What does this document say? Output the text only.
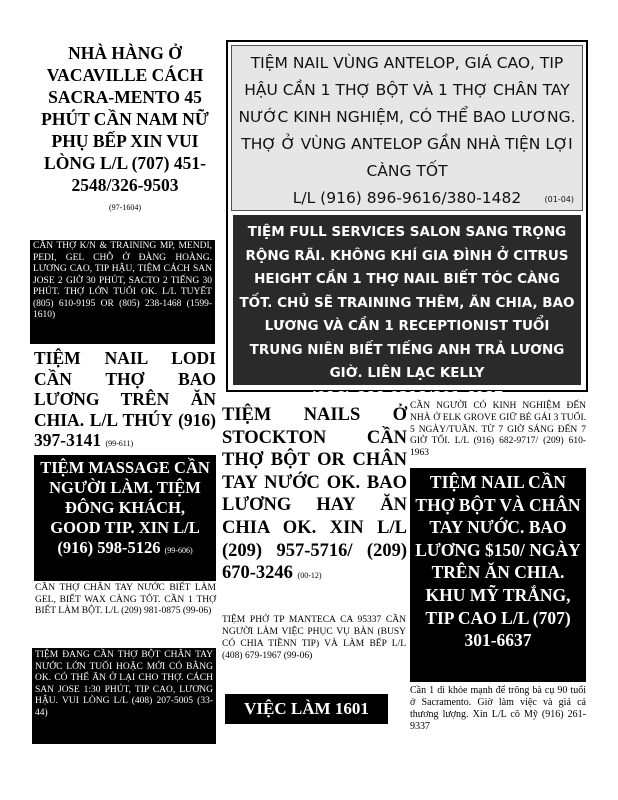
NHÀ HÀNG Ở VACAVILLE CÁCH SACRA-MENTO 45 PHÚT CẦN NAM NỮ PHỤ BẾP XIN VUI LÒNG L/L (707) 451-2548/326-9503
(97-1604)
CẦN THỢ K/N & TRAINING MP, MENDI, PEDI, GEL CHỖ Ở ĐÀNG HOÀNG. LƯƠNG CAO, TIP HẬU, TIỆM CÁCH SAN JOSE 2 GIỜ 30 PHÚT, SACTO 2 TIẾNG 30 PHÚT. THỢ LỚN TUỔI OK. L/L TUYẾT (805) 610-9195 OR (805) 238-1468 (1599-1610)
TIỆM NAIL LODI CẦN THỢ BAO LƯƠNG TRÊN ĂN CHIA. L/L THÚY (916) 397-3141 (99-611)
TIỆM MASSAGE CẦN NGƯỜI LÀM. TIỆM ĐÔNG KHÁCH, GOOD TIP. XIN L/L (916) 598-5126 (99-606)
CẦN THỢ CHÂN TAY NƯỚC BIẾT LÀM GEL, BIẾT WAX CÀNG TỐT. CẦN 1 THỢ BIẾT LÀM BỘT. L/L (209) 981-0875 (99-06)
TIỆM ĐANG CẦN THỢ BỘT CHÂN TAY NƯỚC LỚN TUỔI HOẶC MỚI CÓ BẰNG OK. CÓ THỂ ĂN Ở LẠI CHO THỢ. CÁCH SAN JOSE 1:30 PHÚT, TIP CAO, LƯƠNG HẬU. VUI LÒNG L/L (408) 207-5005 (33-44)
TIỆM NAIL VÙNG ANTELOP, GIÁ CAO, TIP HẬU CẦN 1 THỢ BỘT VÀ 1 THỢ CHÂN TAY NƯỚC KINH NGHIỆM, CÓ THỂ BAO LƯƠNG. THỢ Ở VÙNG ANTELOP GẦN NHÀ TIỆN LỢI CÀNG TỐT
L/L (916) 896-9616/380-1482	(01-04)
TIỆM FULL SERVICES SALON SANG TRỌNG RỘNG RÃI. KHÔNG KHÍ GIA ĐÌNH Ở CITRUS HEIGHT CẦN 1 THỢ NAIL BIẾT TÓC CÀNG TỐT. CHỦ SẼ TRAINING THÊM, ĂN CHIA, BAO LƯƠNG VÀ CẦN 1 RECEPTIONIST TUỔI TRUNG NIÊN BIẾT TIẾNG ANH TRẢ LƯƠNG GIỜ. LIÊN LẠC KELLY
(916) 666-0218/801-6987
TIỆM NAILS Ở STOCKTON CẦN THỢ BỘT OR CHÂN TAY NƯỚC OK. BAO LƯƠNG HAY ĂN CHIA OK. XIN L/L (209) 957-5716/ (209) 670-3246 (00-12)
TIỆM PHỞ TP MANTECA CA 95337 CẦN NGƯỜI LÀM VIỆC PHỤC VỤ BÀN (BUSY CÓ CHIA TIỀNN TIP) VÀ LÀM BẾP L/L (408) 679-1967 (99-06)
VIỆC LÀM 1601
CẦN NGƯỜI CÓ KINH NGHIỆM ĐẾN NHÀ Ở ELK GROVE GIỮ BÉ GÁI 3 TUỔI. 5 NGÀY/TUẦN. TỪ 7 GIỜ SÁNG ĐẾN 7 GIỜ TỐI. L/L (916) 682-9717/ (209) 610-1963
TIỆM NAIL CẦN THỢ BỘT VÀ CHÂN TAY NƯỚC. BAO LƯƠNG $150/ NGÀY TRÊN ĂN CHIA. KHU MỸ TRẮNG, TIP CAO L/L (707) 301-6637
Cần 1 dì khỏe mạnh để trông bà cụ 90 tuổi ở Sacramento. Giờ làm việc và giá cả thương lượng. Xin L/L cô Mỹ (916) 261-9337
